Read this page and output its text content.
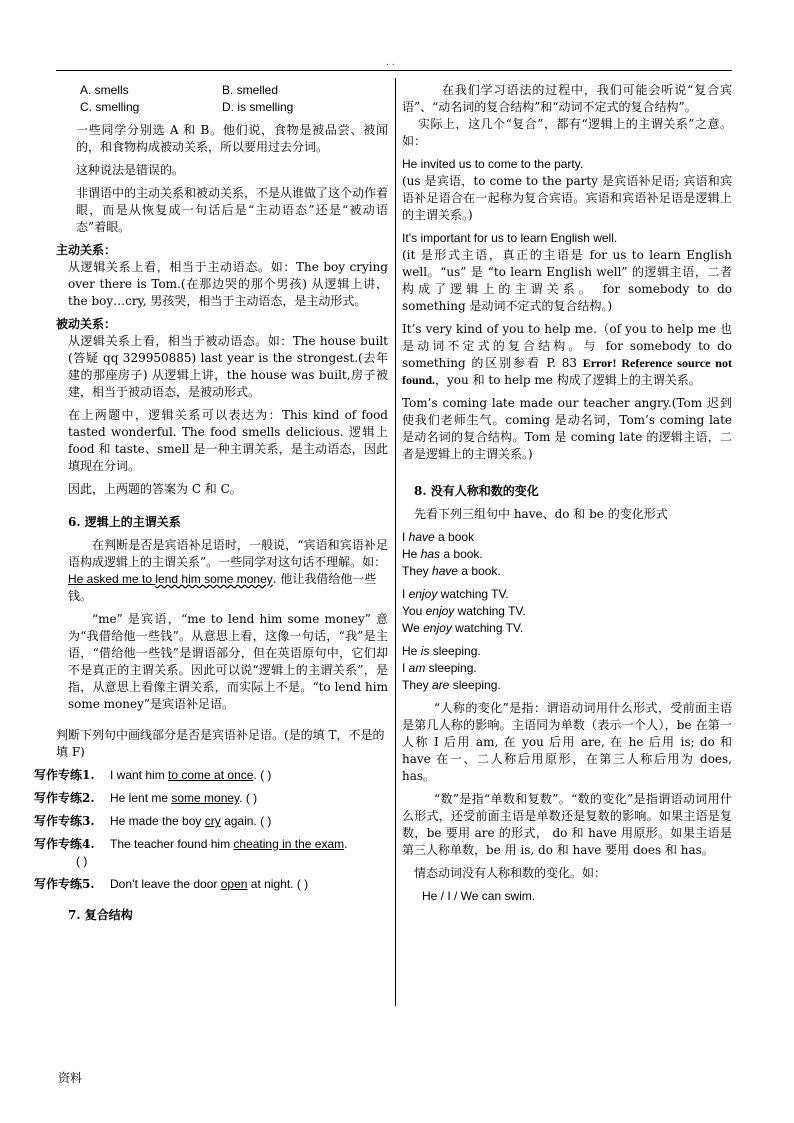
. .
A. smells	B. smelled
C. smelling	D. is smelling

一些同学分别选 A 和 B。他们说，食物是被品尝、被闻的，和食物构成被动关系，所以要用过去分词。

这种说法是错误的。

非谓语中的主动关系和被动关系，不是从谁做了这个动作着眼，而是从恢复成一句话后是“主动语态”还是“被动语态”着眼。

主动关系：

从逻辑关系上看，相当于主动语态。如：The boy crying over there is Tom.(在那边哭的那个男孩) 从逻辑上讲，the boy…cry, 男孩哭，相当于主动语态，是主动形式。

被动关系：

从逻辑关系上看，相当于被动语态。如：The house built (答疑 qq 329950885) last year is the strongest.(去年建的那座房子) 从逻辑上讲，the house was built,房子被建，相当于被动语态，是被动形式。

在上两题中，逻辑关系可以表达为：This kind of food tasted wonderful. The food smells delicious. 逻辑上 food 和 taste、smell 是一种主谓关系，是主动语态，因此填现在分词。

因此，上两题的答案为 C 和 C。

6. 逻辑上的主谓关系

在判断是否是宾语补足语时，一般说，“宾语和宾语补足语构成逻辑上的主谓关系”。一些同学对这句话不理解。如：

He asked me to lend him some money. 他让我借给他一些钱。

“me” 是宾语，“me to lend him some money” 意为“我借给他一些钱”。从意思上看，这像一句话，“我”是主语，“借给他一些钱”是谓语部分，但在英语原句中，它们却不是真正的主谓关系。因此可以说“逻辑上的主谓关系”，是指，从意思上看像主谓关系，而实际上不是。“to lend him some money”是宾语补足语。

判断下列句中画线部分是否是宾语补足语。(是的填 T，不是的填 F)

写作专练1.	I want him to come at once. ( )
写作专练2.	He lent me some money. ( )
写作专练3.	He made the boy cry again. ( )
写作专练4.	The teacher found him cheating in the exam.
( )
写作专练5.	Don’t leave the door open at night. ( )

7. 复合结构

在我们学习语法的过程中，我们可能会听说“复合宾语”、“动名词的复合结构”和“动词不定式的复合结构”。

实际上，这几个“复合”，都有“逻辑上的主谓关系”之意。如：

He invited us to come to the party.

(us 是宾语，to come to the party 是宾语补足语; 宾语和宾语补足语合在一起称为复合宾语。宾语和宾语补足语是逻辑上的主谓关系。)

It’s important for us to learn English well.

(it 是形式主语，真正的主语是 for us to learn English well。“us” 是 “to learn English well” 的逻辑主语，二者构成了逻辑上的主谓关系。 for somebody to do something 是动词不定式的复合结构。)

It’s very kind of you to help me.（of you to help me 也是动词不定式的复合结构。与 for somebody to do something 的区别参看 P. 83 Error! Reference source not found.，you 和 to help me 构成了逻辑上的主谓关系。

Tom’s coming late made our teacher angry.(Tom 迟到使我们老师生气。coming 是动名词，Tom’s coming late 是动名词的复合结构。Tom 是 coming late 的逻辑主语，二者是逻辑上的主谓关系。)

8. 没有人称和数的变化

先看下列三组句中 have、do 和 be 的变化形式

I have a book

He has a book.

They have a book.

I enjoy watching TV.

You enjoy watching TV.

We enjoy watching TV.

He is sleeping.

I am sleeping.

They are sleeping.

“人称的变化”是指：谓语动词用什么形式，受前面主语是第几人称的影响。主语同为单数（表示一个人），be 在第一人称 I 后用 am, 在 you 后用 are, 在 he 后用 is; do 和 have 在一、二人称后用原形，在第三人称后用为 does, has。

“数”是指“单数和复数”。“数的变化”是指谓语动词用什么形式，还受前面主语是单数还是复数的影响。如果主语是复数，be 要用 are 的形式， do 和 have 用原形。如果主语是第三人称单数，be 用 is, do 和 have 要用 does 和 has。

情态动词没有人称和数的变化。如：

He / I / We can swim.

资料
